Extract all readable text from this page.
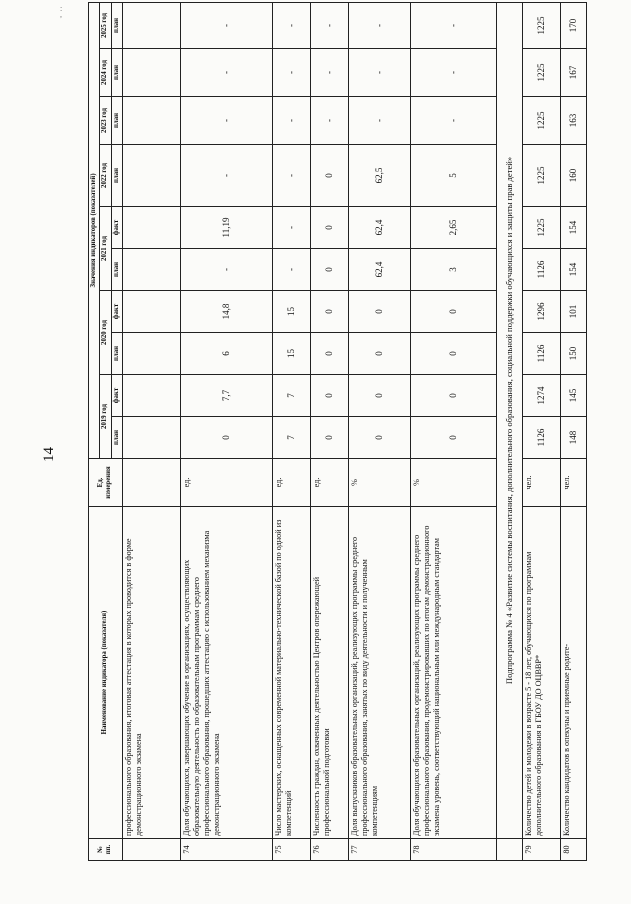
: ,
14
№ пп.	Наименование индикатора (показателя)	Ед. измерения	Значения индикаторов (показателей)									
			2019 год		2020 год		2021 год		2022 год	2023 год	2024 год	2025 год
			план	факт	план	факт	план	факт	план	план	план	план
	профессионального образования, итоговая аттестация в которых проводится в форме демонстрационного экзамена											
74	Доля обучающихся, завершающих обучение в организациях, осуществляющих образовательную деятельность по образовательным программам среднего профессионального образования, прошедших аттестацию с использованием механизма демонстрационного экзамена	ед.	0	7,7	6	14,8	-	11,19	-	-	-	-
75	Число мастерских, оснащенных современной материально-технической базой по одной из компетенций	ед.	7	7	15	15	-	-	-	-	-	-
76	Численность граждан, охваченных деятельностью Центров опережающей профессиональной подготовки	ед.	0	0	0	0	0	0	0	-	-	-
77	Доля выпускников образовательных организаций, реализующих программы среднего профессионального образования, занятых по виду деятельности и полученным компетенциям	%	0	0	0	0	62,4	62,4	62,5	-	-	-
78	Доля обучающихся образовательных организаций, реализующих программы среднего профессионального образования, продемонстрировавших по итогам демонстрационного экзамена уровень, соответствующий национальным или международным стандартам	%	0	0	0	0	3	2,65	5	-	-	-
	Подпрограмма № 4 «Развитие системы воспитания, дополнительного образования, социальной поддержки обучающихся и защиты прав детей»											
79	Количество детей и молодежи в возрасте 5 - 18 лет, обучающихся по программам дополнительного образования в ГБОУ ДО ОЦВВР*	чел.	1126	1274	1126	1296	1126	1225	1225	1225	1225	1225
80	Количество кандидатов в опекуны и приемные родите-	чел.	148	145	150	101	154	154	160	163	167	170
